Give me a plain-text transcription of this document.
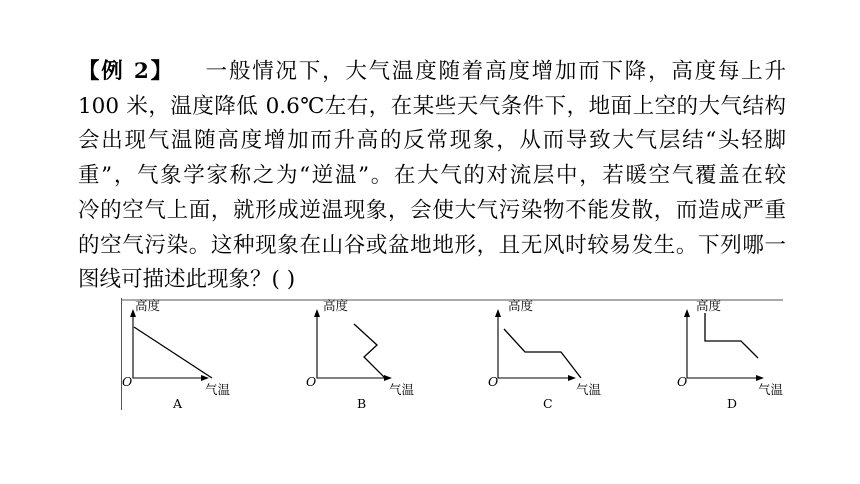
【例 2】 一般情况下，大气温度随着高度增加而下降，高度每上升
100 米，温度降低 0.6℃左右，在某些天气条件下，地面上空的大气结构
会出现气温随高度增加而升高的反常现象，从而导致大气层结“头轻脚
重”，气象学家称之为“逆温”。在大气的对流层中，若暖空气覆盖在较
冷的空气上面，就形成逆温现象，会使大气污染物不能发散，而造成严重
的空气污染。这种现象在山谷或盆地地形，且无风时较易发生。下列哪一
图线可描述此现象？( )
高度
气温
O
A
高度
气温
O
B
高度
气温
O
C
高度
气温
O
D
